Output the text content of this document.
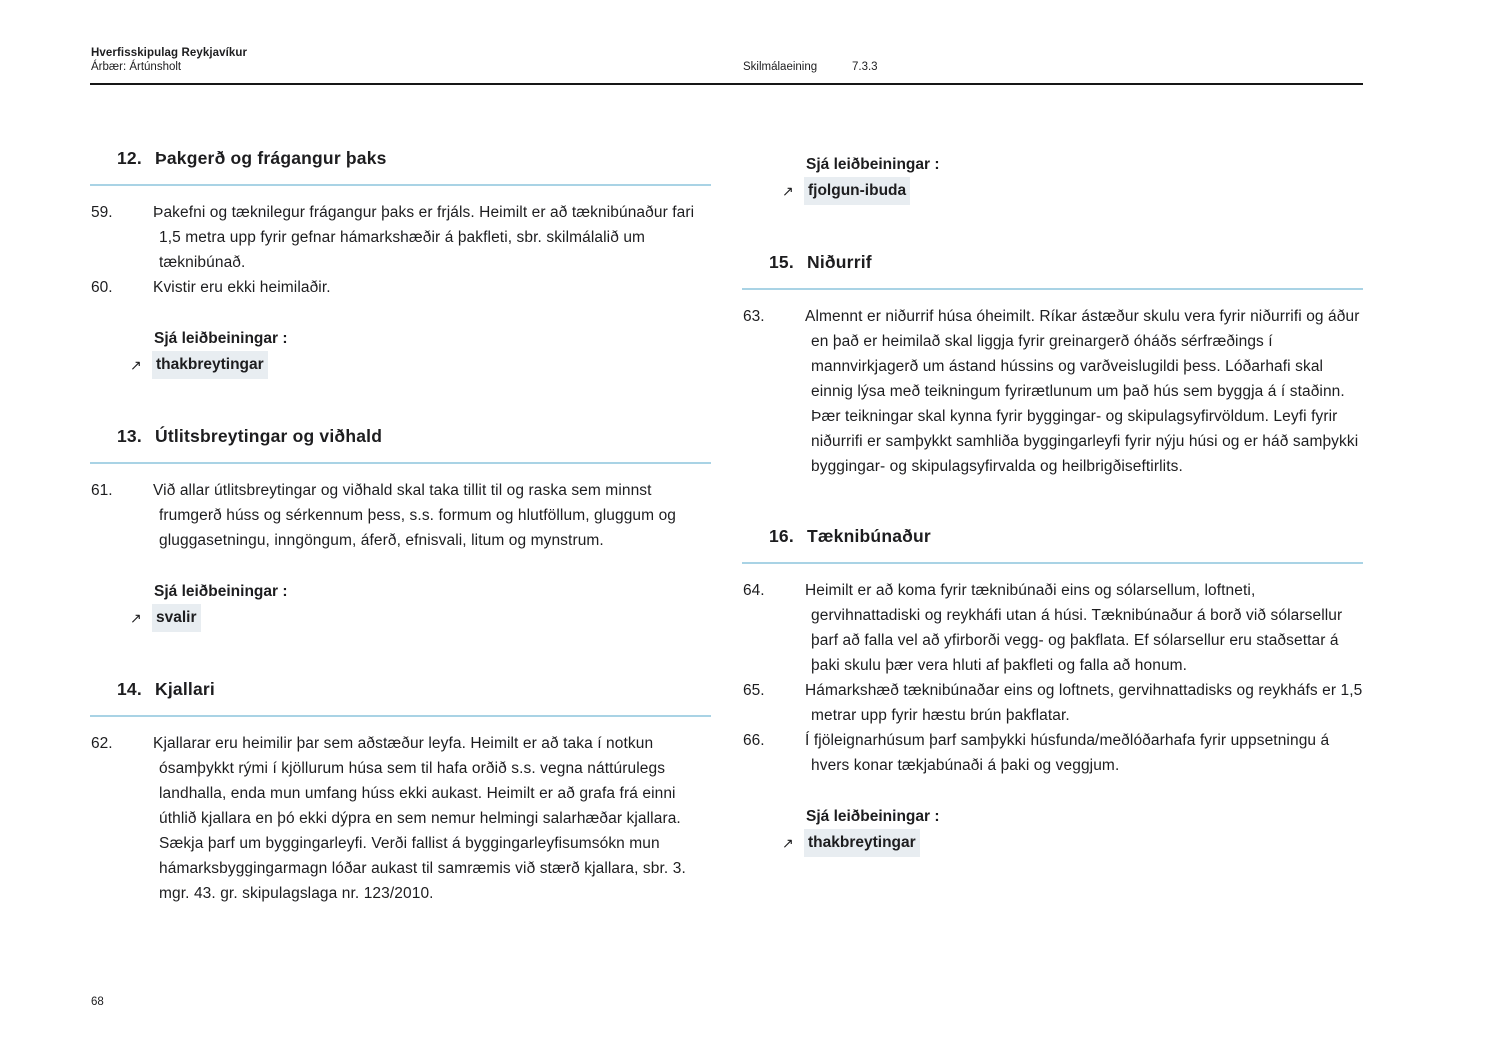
Hverfisskipulag Reykjavíkur
Árbær: Ártúnsholt	Skilmálaeining	7.3.3
12. Þakgerð og frágangur þaks
59.	Þakefni og tæknilegur frágangur þaks er frjáls. Heimilt er að tæknibúnaður fari 1,5 metra upp fyrir gefnar hámarkshæðir á þakfleti, sbr. skilmálalið um tæknibúnað.
60.	Kvistir eru ekki heimilaðir.
Sjá leiðbeiningar :
↗ thakbreytingar
13. Útlitsbreytingar og viðhald
61.	Við allar útlitsbreytingar og viðhald skal taka tillit til og raska sem minnst frumgerð húss og sérkennum þess, s.s. formum og hlutföllum, gluggum og gluggasetningu, inngöngum, áferð, efnisvali, litum og mynstrum.
Sjá leiðbeiningar :
↗ svalir
14. Kjallari
62.	Kjallarar eru heimilir þar sem aðstæður leyfa. Heimilt er að taka í notkun ósamþykkt rými í kjöllurum húsa sem til hafa orðið s.s. vegna náttúrulegs landhalla, enda mun umfang húss ekki aukast. Heimilt er að grafa frá einni úthlið kjallara en þó ekki dýpra en sem nemur helmingi salarhæðar kjallara. Sækja þarf um byggingarleyfi. Verði fallist á byggingarleyfisumsókn mun hámarksbyggingarmagn lóðar aukast til samræmis við stærð kjallara, sbr. 3. mgr. 43. gr. skipulagslaga nr. 123/2010.
Sjá leiðbeiningar :
↗ fjolgun-ibuda
15. Niðurrif
63.	Almennt er niðurrif húsa óheimilt. Ríkar ástæður skulu vera fyrir niðurrifi og áður en það er heimilað skal liggja fyrir greinargerð óháðs sérfræðings í mannvirkjagerð um ástand hússins og varðveislugildi þess. Lóðarhafi skal einnig lýsa með teikningum fyrirætlunum um það hús sem byggja á í staðinn. Þær teikningar skal kynna fyrir byggingar- og skipulagsyfirvöldum. Leyfi fyrir niðurrifi er samþykkt samhliða byggingarleyfi fyrir nýju húsi og er háð samþykki byggingar- og skipulagsyfirvalda og heilbrigðiseftirlits.
16. Tæknibúnaður
64.	Heimilt er að koma fyrir tæknibúnaði eins og sólarsellum, loftneti, gervihnattadiski og reykháfi utan á húsi. Tæknibúnaður á borð við sólarsellur þarf að falla vel að yfirborði vegg- og þakflata. Ef sólarsellur eru staðsettar á þaki skulu þær vera hluti af þakfleti og falla að honum.
65.	Hámarkshæð tæknibúnaðar eins og loftnets, gervihnattadisks og reykháfs er 1,5 metrar upp fyrir hæstu brún þakflatar.
66.	Í fjöleignarhúsum þarf samþykki húsfunda/meðlóðarhafa fyrir uppsetningu á hvers konar tækjabúnaði á þaki og veggjum.
Sjá leiðbeiningar :
↗ thakbreytingar
68
